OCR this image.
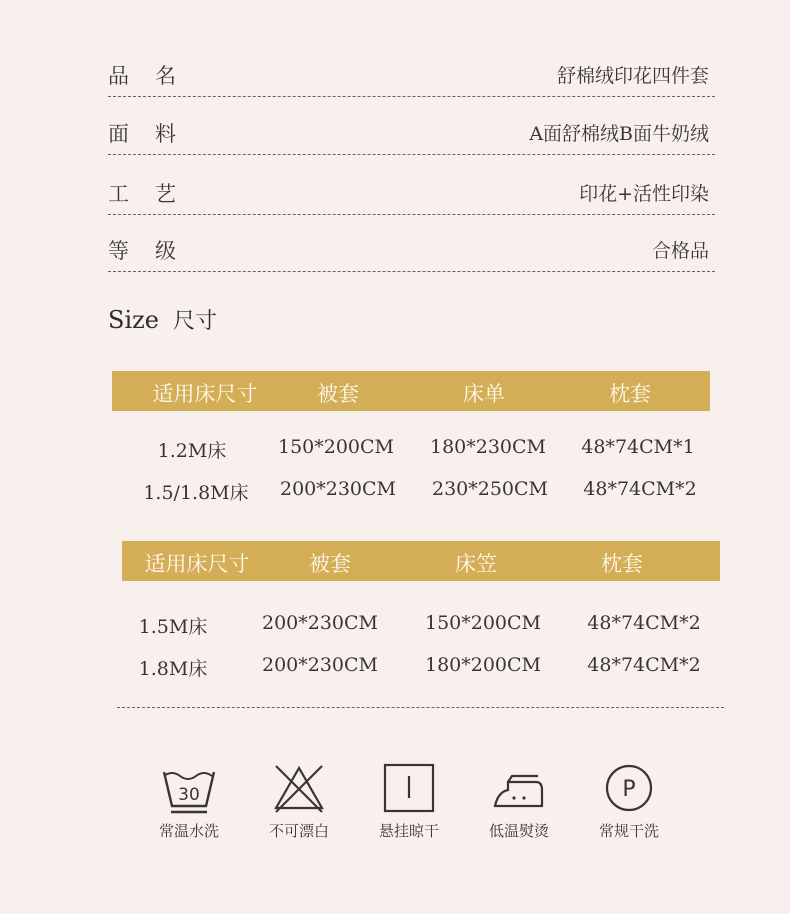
品名	舒棉绒印花四件套
面料	A面舒棉绒B面牛奶绒
工艺	印花+活性印染
等级	合格品
Size 尺寸
适用床尺寸	被套	床单	枕套
1.2M床	150*200CM	180*230CM	48*74CM*1
1.5/1.8M床	200*230CM	230*250CM	48*74CM*2
适用床尺寸	被套	床笠	枕套
1.5M床	200*230CM	150*200CM	48*74CM*2
1.8M床	200*230CM	180*200CM	48*74CM*2
30
常温水洗	不可漂白	悬挂晾干	低温熨烫
P
常规干洗
